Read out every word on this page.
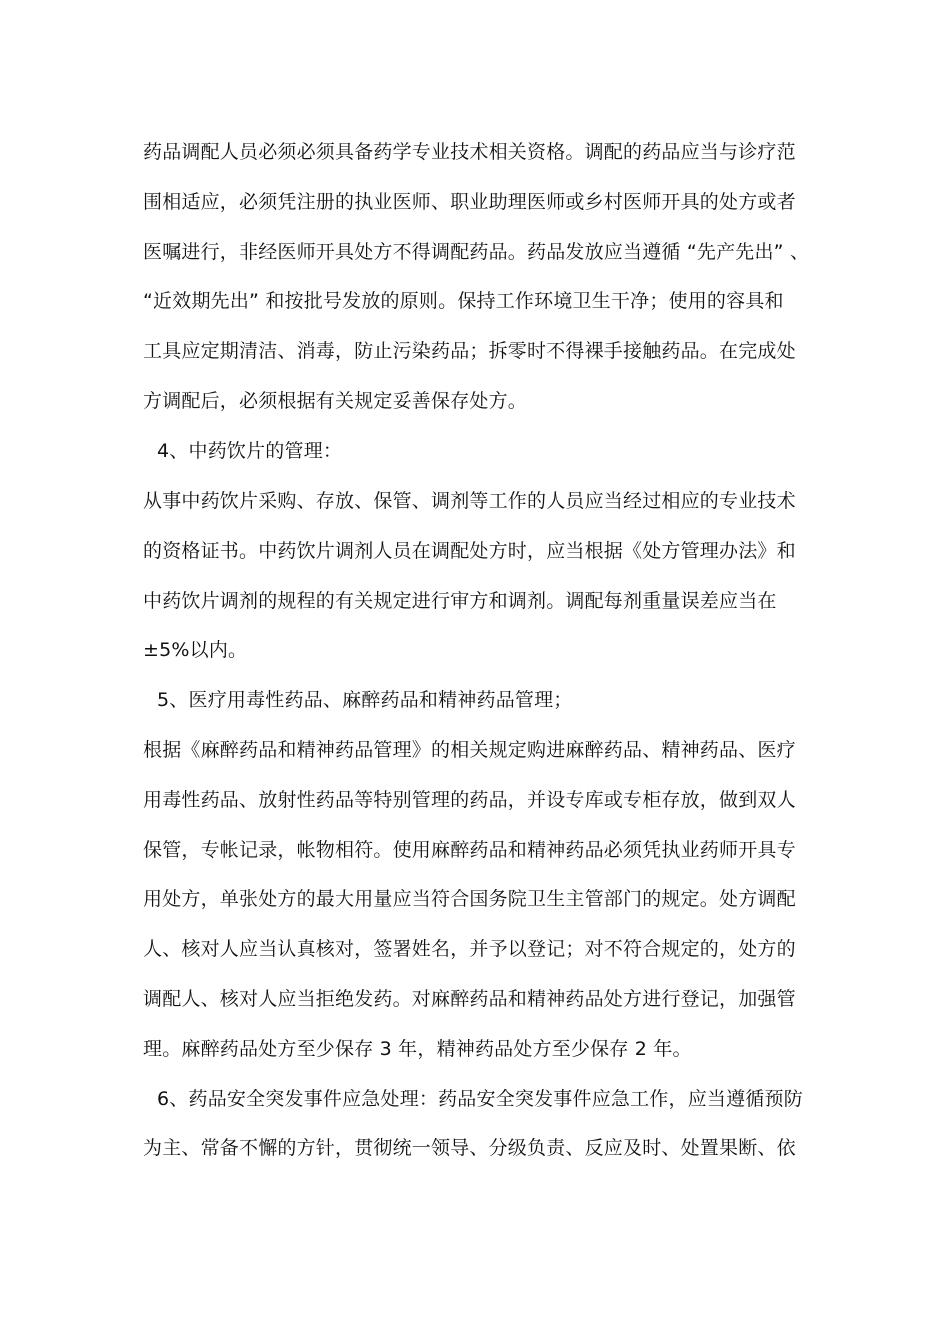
药品调配人员必须必须具备药学专业技术相关资格。调配的药品应当与诊疗范
围相适应，必须凭注册的执业医师、职业助理医师或乡村医师开具的处方或者
医嘱进行，非经医师开具处方不得调配药品。药品发放应当遵循 “先产先出” 、
“近效期先出” 和按批号发放的原则。保持工作环境卫生干净；使用的容具和
工具应定期清洁、消毒，防止污染药品；拆零时不得裸手接触药品。在完成处
方调配后，必须根据有关规定妥善保存处方。
4、中药饮片的管理：
从事中药饮片采购、存放、保管、调剂等工作的人员应当经过相应的专业技术
的资格证书。中药饮片调剂人员在调配处方时，应当根据《处方管理办法》和
中药饮片调剂的规程的有关规定进行审方和调剂。调配每剂重量误差应当在
±5%以内。
5、医疗用毒性药品、麻醉药品和精神药品管理；
根据《麻醉药品和精神药品管理》的相关规定购进麻醉药品、精神药品、医疗
用毒性药品、放射性药品等特别管理的药品，并设专库或专柜存放，做到双人
保管，专帐记录，帐物相符。使用麻醉药品和精神药品必须凭执业药师开具专
用处方，单张处方的最大用量应当符合国务院卫生主管部门的规定。处方调配
人、核对人应当认真核对，签署姓名，并予以登记；对不符合规定的，处方的
调配人、核对人应当拒绝发药。对麻醉药品和精神药品处方进行登记，加强管
理。麻醉药品处方至少保存 3 年，精神药品处方至少保存 2 年。
6、药品安全突发事件应急处理：药品安全突发事件应急工作，应当遵循预防
为主、常备不懈的方针，贯彻统一领导、分级负责、反应及时、处置果断、依
